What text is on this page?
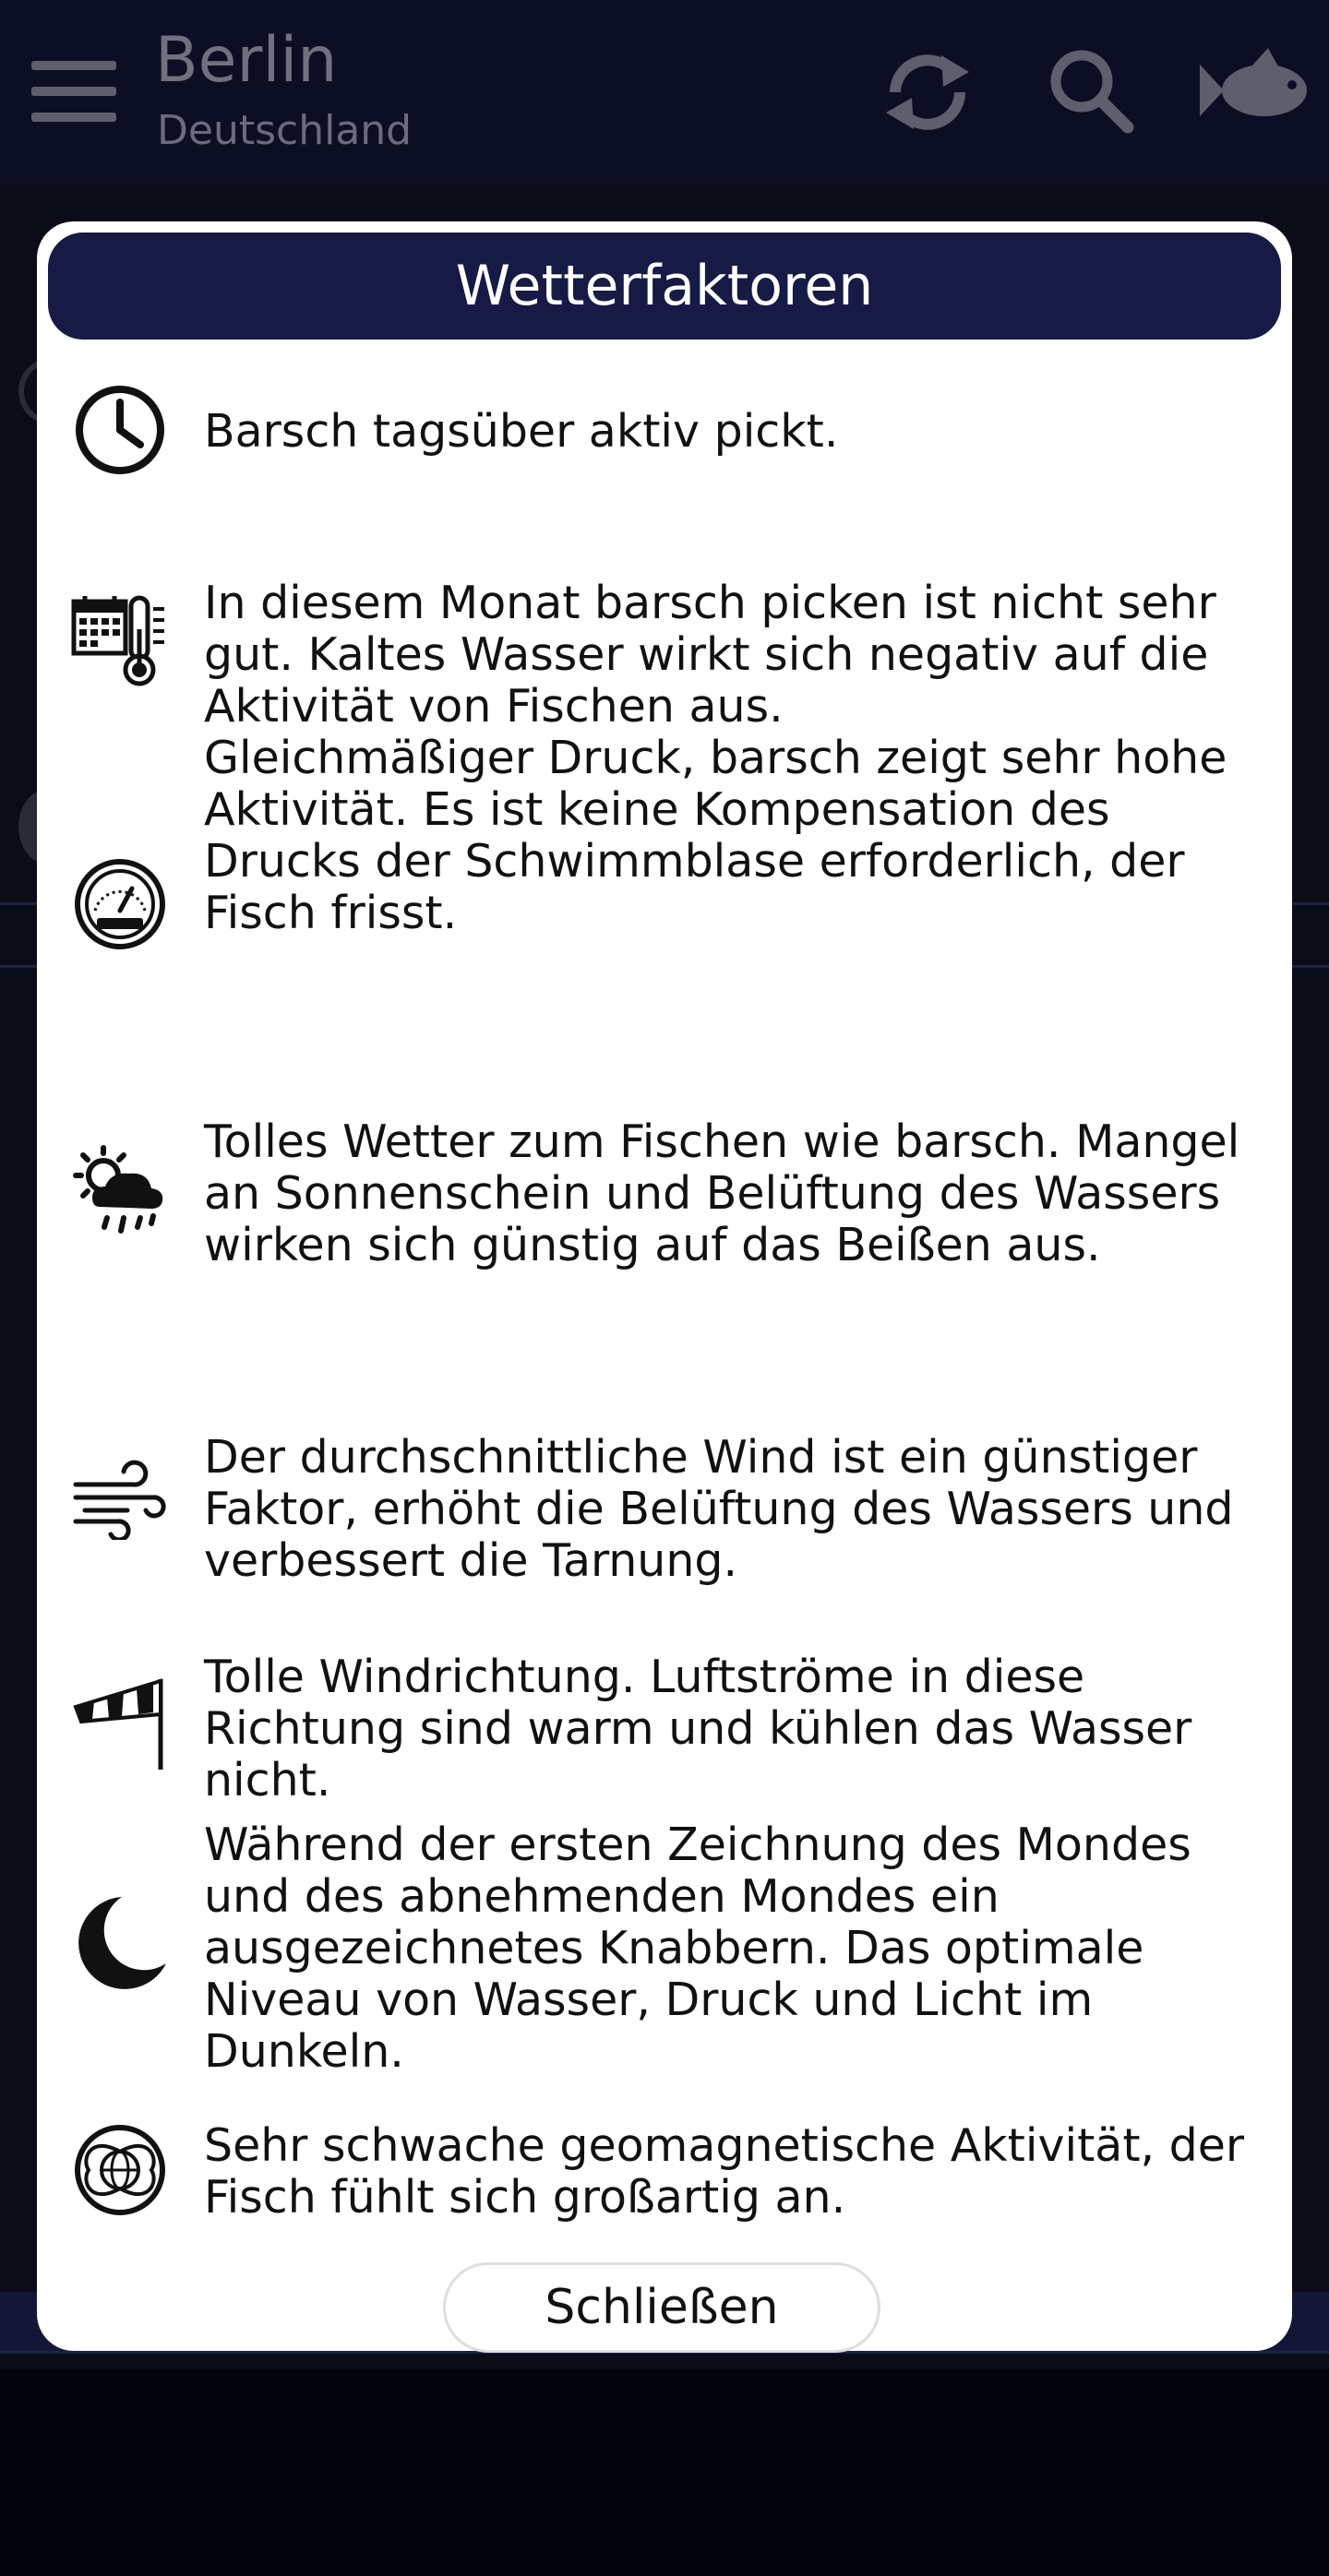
Berlin
Deutschland
Wetterfaktoren
Barsch tagsüber aktiv pickt.
In diesem Monat barsch picken ist nicht sehr gut. Kaltes Wasser wirkt sich negativ auf die Aktivität von Fischen aus.
Gleichmäßiger Druck, barsch zeigt sehr hohe Aktivität. Es ist keine Kompensation des Drucks der Schwimmblase erforderlich, der Fisch frisst.
Tolles Wetter zum Fischen wie barsch. Mangel an Sonnenschein und Belüftung des Wassers wirken sich günstig auf das Beißen aus.
Der durchschnittliche Wind ist ein günstiger Faktor, erhöht die Belüftung des Wassers und verbessert die Tarnung.
Tolle Windrichtung. Luftströme in diese Richtung sind warm und kühlen das Wasser nicht.
Während der ersten Zeichnung des Mondes und des abnehmenden Mondes ein ausgezeichnetes Knabbern. Das optimale Niveau von Wasser, Druck und Licht im Dunkeln.
Sehr schwache geomagnetische Aktivität, der Fisch fühlt sich großartig an.
Schließen
